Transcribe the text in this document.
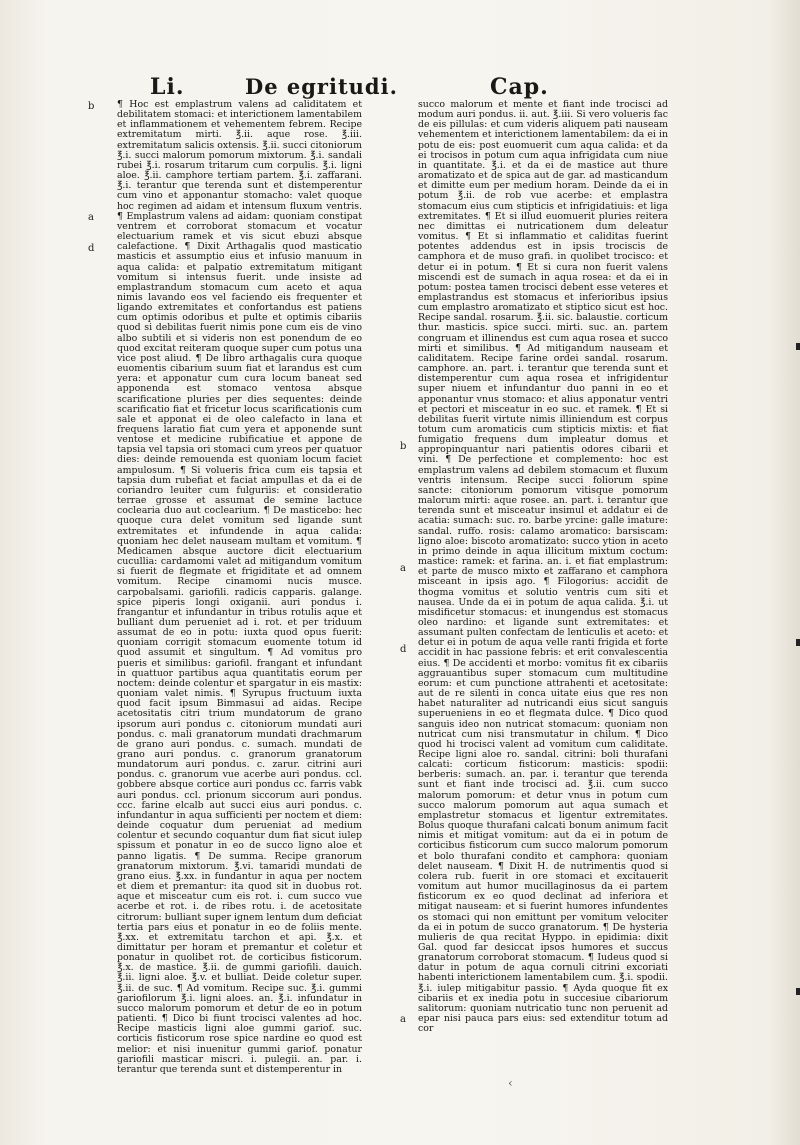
Li.	De egritudi.	Cap.
b
a
d
b
a
d
a
¶ Hoc est emplastrum valens ad caliditatem et debilitatem stomaci: et interictionem lamentabilem et inflammationem et vehementem febrem. Recipe extremitatum mirti. ℥.ii. aque rose. ℥.iii. extremitatum salicis oxtensis. ℥.ii. succi citoniorum ℥.i. succi malorum pomorum mixtorum. ℥.i. sandali rubei ℥.i. rosarum tritarum cum corpulis. ℥.i. ligni aloe. ℥.ii. camphore tertiam partem. ℥.i. zaffarani. ℥.i. terantur que terenda sunt et distemperentur cum vino et apponantur stomacho: valet quoque hoc regimen ad aidam et intensum fluxum ventris. ¶ Emplastrum valens ad aidam: quoniam constipat ventrem et corroborat stomacum et vocatur electuarium ramek et vis sicut ebuzi absque calefactione. ¶ Dixit Arthagalis quod masticatio masticis et assumptio eius et infusio manuum in aqua calida: et palpatio extremitatum mitigant vomitum si intensus fuerit. unde insiste ad emplastrandum stomacum cum aceto et aqua nimis lavando eos vel faciendo eis frequenter et ligando extremitates et confortandus est patiens cum optimis odoribus et pulte et optimis cibariis quod si debilitas fuerit nimis pone cum eis de vino albo subtili et si videris non est ponendum de eo quod excitat reiteram quoque super cum potus una vice post aliud. ¶ De libro arthagalis cura quoque euomentis cibarium suum fiat et larandus est cum yera: et apponatur cum cura locum baneat sed apponenda est stomaco ventosa absque scarificatione pluries per dies sequentes: deinde scarificatio fiat et fricetur locus scarificationis cum sale et apponat ei de oleo calefacto in lana et frequens laratio fiat cum yera et apponende sunt ventose et medicine rubificatiue et appone de tapsia vel tapsia ori stomaci cum yreos per quatuor dies: deinde remouenda est quoniam locum faciet ampulosum. ¶ Si volueris frica cum eis tapsia et tapsia dum rubefiat et faciat ampullas et da ei de coriandro leuiter cum fulguriis: et consideratio terrae grosse et assumat de semine lactuce coclearia duo aut coclearium. ¶ De masticebo: hec quoque cura delet vomitum sed ligande sunt extremitates et infundende in aqua calida: quoniam hec delet nauseam multam et vomitum. ¶ Medicamen absque auctore dicit electuarium cucullia: cardamomi valet ad mitigandum vomitum si fuerit de flegmate et frigiditate et ad omnem vomitum. Recipe cinamomi nucis musce. carpobalsami. gariofili. radicis capparis. galange. spice piperis longi oxiganii. auri pondus i. frangantur et infundantur in tribus rotulis aque et bulliant dum perueniet ad i. rot. et per triduum assumat de eo in potu: iuxta quod opus fuerit: quoniam corrigit stomacum euomente totum id quod assumit et singultum. ¶ Ad vomitus pro pueris et similibus: gariofil. frangant et infundant in quattuor partibus aqua quantitatis eorum per noctem: deinde colentur et spargatur in eis mastix: quoniam valet nimis. ¶ Syrupus fructuum iuxta quod facit ipsum Bimmasui ad aidas. Recipe acetositatis citri trium mundatorum de grano ipsorum auri pondus c. citoniorum mundati auri pondus. c. mali granatorum mundati drachmarum de grano auri pondus. c. sumach. mundati de grano auri pondus. c. granorum granatorum mundatorum auri pondus. c. zarur. citrini auri pondus. c. granorum vue acerbe auri pondus. ccl. gobbere absque cortice auri pondus cc. farris vabk auri pondus. ccl. prionum siccorum auri pondus. ccc. farine elcalb aut succi eius auri pondus. c. infundantur in aqua sufficienti per noctem et diem: deinde coquatur dum perueniat ad medium colentur et secundo coquantur dum fiat sicut iulep spissum et ponatur in eo de succo ligno aloe et panno ligatis. ¶ De summa. Recipe granorum granatorum mixtorum. ℥.vi. tamaridi mundati de grano eius. ℥.xx. in fundantur in aqua per noctem et diem et premantur: ita quod sit in duobus rot. aque et misceatur cum eis rot. i. cum succo vue acerbe et rot. i. de ribes rotu. i. de acetositate citrorum: bulliant super ignem lentum dum deficiat tertia pars eius et ponatur in eo de foliis mente. ℥.xx. et extremitatu tarchon et api. ℥.x. et dimittatur per horam et premantur et coletur et ponatur in quolibet rot. de corticibus fisticorum. ℥.x. de mastice. ℥.ii. de gummi gariofili. dauich. ℥.ii. ligni aloe. ℥.v. et bulliat. Deide coletur super. ℥.ii. de suc. ¶ Ad vomitum. Recipe suc. ℥.i. gummi gariofilorum ℥.i. ligni aloes. an. ℥.i. infundatur in succo malorum pomorum et detur de eo in potum patienti. ¶ Dico bi fiunt trocisci valentes ad hoc. Recipe masticis ligni aloe gummi gariof. suc. corticis fisticorum rose spice nardine eo quod est melior: et nisi inuenitur gummi gariof. ponatur gariofili masticar miscri. i. pulegii. an. par. i. terantur que terenda sunt et distemperentur in
succo malorum et mente et fiant inde trocisci ad modum auri pondus. ii. aut. ℥.iii. Si vero volueris fac de eis pillulas: et cum videris aliquem pati nauseam vehementem et interictionem lamentabilem: da ei in potu de eis: post euomuerit cum aqua calida: et da ei trocisos in potum cum aqua infrigidata cum niue in quantitate. ℥.i. et da ei de mastice aut thure aromatizato et de spica aut de gar. ad masticandum et dimitte eum per medium horam. Deinde da ei in potum ℥.ii. de rob vue acerbe: et emplastra stomacum eius cum stipticis et infrigidatiuis: et liga extremitates. ¶ Et si illud euomuerit pluries reitera nec dimittas ei nutricationem dum deleatur vomitus. ¶ Et si inflammatio et caliditas fuerint potentes addendus est in ipsis trociscis de camphora et de muso grafi. in quolibet trocisco: et detur ei in potum. ¶ Et si cura non fuerit valens miscendi est de sumach in aqua rosea: et da ei in potum: postea tamen trocisci debent esse veteres et emplastrandus est stomacus et inferioribus ipsius cum emplastro aromatizato et stiptico sicut est hoc. Recipe sandal. rosarum. ℥.ii. sic. balaustie. corticum thur. masticis. spice succi. mirti. suc. an. partem congruam et illinendus est cum aqua rosea et succo mirti et similibus. ¶ Ad mitigandum nauseam et caliditatem. Recipe farine ordei sandal. rosarum. camphore. an. part. i. terantur que terenda sunt et distemperentur cum aqua rosea et infrigidentur super niuem et infundantur duo panni in eo et apponantur vnus stomaco: et alius apponatur ventri et pectori et misceatur in eo suc. et ramek. ¶ Et si debilitas fuerit virtute nimis illiniendum est corpus totum cum aromaticis cum stipticis mixtis: et fiat fumigatio frequens dum impleatur domus et appropinquantur nari patientis odores cibarii et vini. ¶ De perfectione et complemento: hoc est emplastrum valens ad debilem stomacum et fluxum ventris intensum. Recipe succi foliorum spine sancte: citoniorum pomorum vitisque pomorum malorum mirti: aque rosee. an. part. i. terantur que terenda sunt et misceatur insimul et addatur ei de acatia: sumach: suc. ro. barbe yrcine: galle imature: sandal. ruffo. rosis: calamo aromatico: barsiscam: ligno aloe: biscoto aromatizato: succo ytion in aceto in primo deinde in aqua illicitum mixtum coctum: mastice: ramek: et farina. an. i. et fiat emplastrum: et parte de musco mixto et zaffarano et camphora misceant in ipsis ago. ¶ Filogorius: accidit de thogma vomitus et solutio ventris cum siti et nausea. Unde da ei in potum de aqua calida. ℥.i. ut misdificetur stomacus: et inungendus est stomacus oleo nardino: et ligande sunt extremitates: et assumant pulten confectam de lenticulis et aceto: et detur ei in potum de aqua velle ranti frigida et forte accidit in hac passione febris: et erit convalescentia eius. ¶ De accidenti et morbo: vomitus fit ex cibariis aggrauantibus super stomacum cum multitudine eorum: et cum punctione attrahenti et acetositate: aut de re silenti in conca uitate eius que res non habet naturaliter ad nutricandi eius sicut sanguis superueniens in eo et flegmata dulce. ¶ Dico quod sanguis ideo non nutricat stomacum: quoniam non nutricat cum nisi transmutatur in chilum. ¶ Dico quod hi trocisci valent ad vomitum cum caliditate. Recipe ligni aloe ro. sandal. citrini: boli thurafani calcati: corticum fisticorum: masticis: spodii: berberis: sumach. an. par. i. terantur que terenda sunt et fiant inde trocisci ad. ℥.ii. cum succo malorum pomorum: et detur vnus in potum cum succo malorum pomorum aut aqua sumach et emplastretur stomacus et ligentur extremitates. Bolus quoque thurafani calcati bonum animum facit nimis et mitigat vomitum: aut da ei in potum de corticibus fisticorum cum succo malorum pomorum et bolo thurafani condito et camphora: quoniam delet nauseam. ¶ Dixit H. de nutrimentis quod si colera rub. fuerit in ore stomaci et excitauerit vomitum aut humor mucillaginosus da ei partem fisticorum ex eo quod declinat ad inferiora et mitigat nauseam: et si fuerint humores infundentes os stomaci qui non emittunt per vomitum velociter da ei in potum de succo granatorum. ¶ De hysteria mulieris de qua recitat Hyppo. in epidimia: dixit Gal. quod far desiccat ipsos humores et succus granatorum corroborat stomacum. ¶ Iudeus quod si datur in potum de aqua cornuli citrini excoriati habenti interictionem lamentabilem cum. ℥.i. spodii. ℥.i. iulep mitigabitur passio. ¶ Ayda quoque fit ex cibariis et ex inedia potu in succesiue cibariorum salitorum: quoniam nutricatio tunc non peruenit ad epar nisi pauca pars eius: sed extenditur totum ad cor
‹
